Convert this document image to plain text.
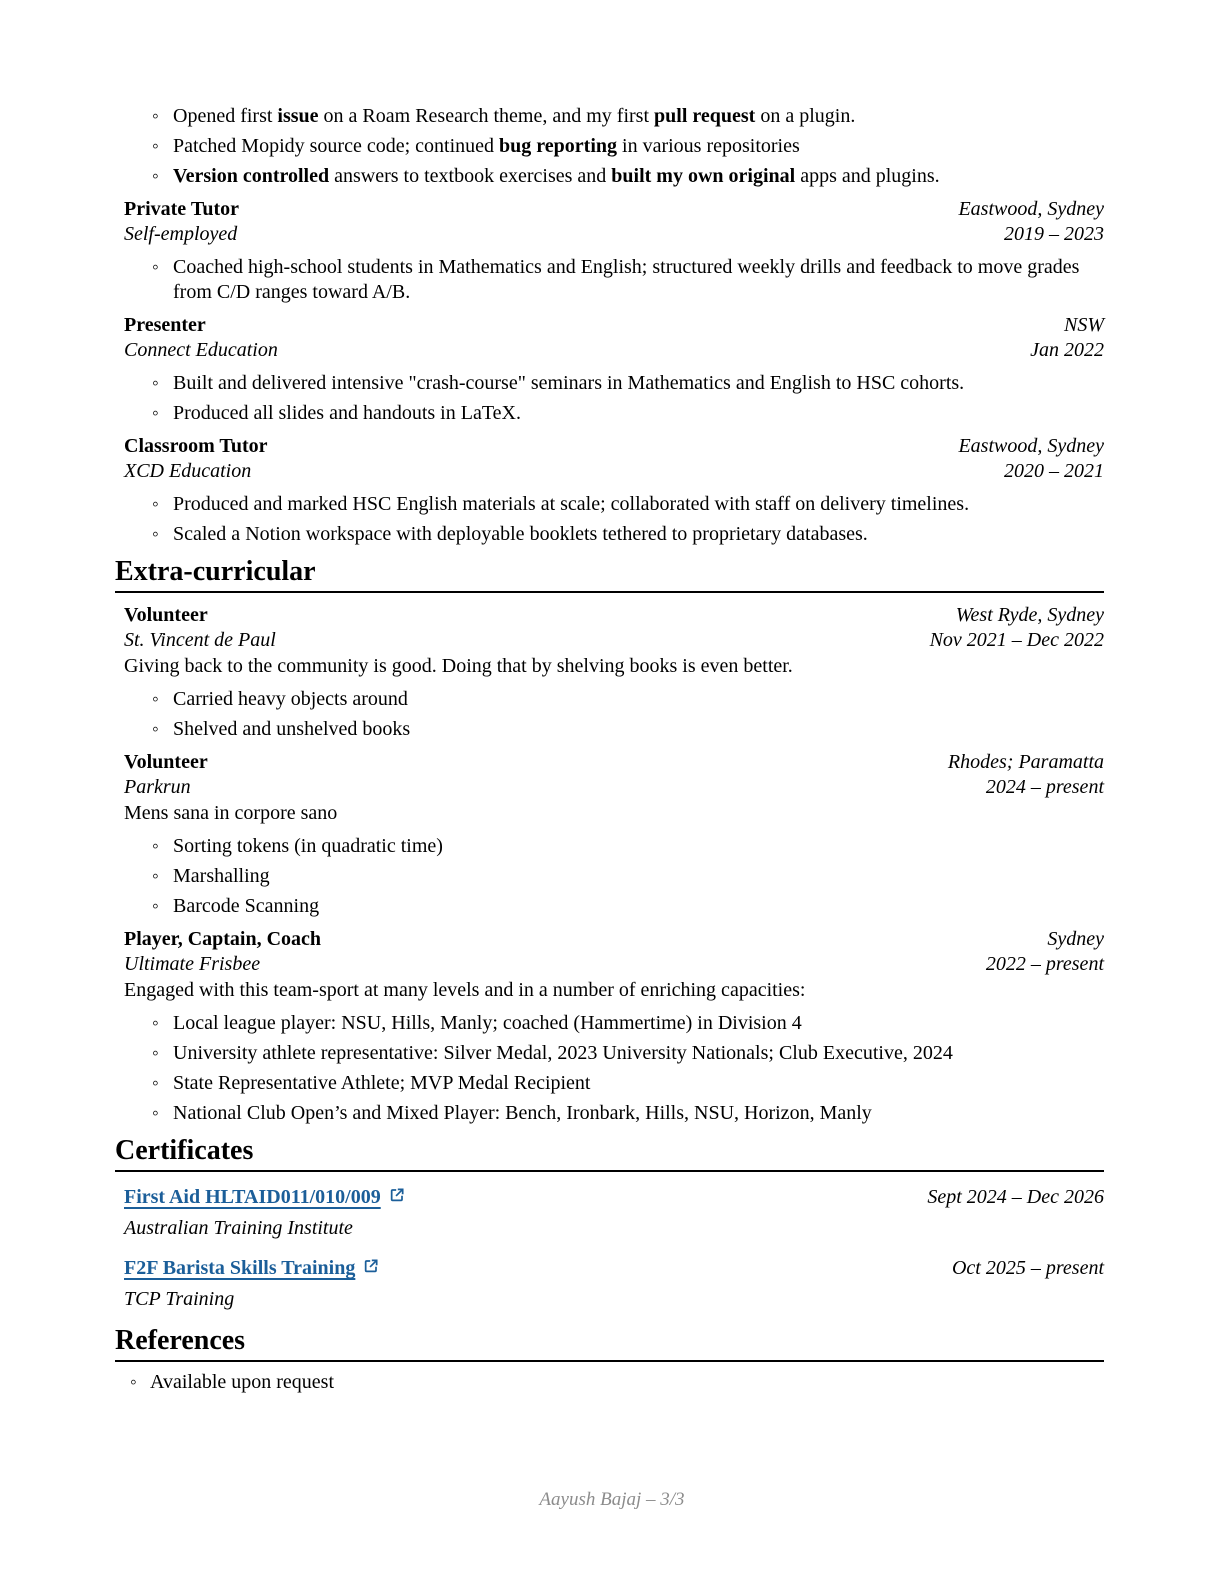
◦ Opened first issue on a Roam Research theme, and my first pull request on a plugin.
◦ Patched Mopidy source code; continued bug reporting in various repositories
◦ Version controlled answers to textbook exercises and built my own original apps and plugins.
Private Tutor	Eastwood, Sydney
Self-employed	2019 – 2023
◦ Coached high-school students in Mathematics and English; structured weekly drills and feedback to move grades from C/D ranges toward A/B.
Presenter	NSW
Connect Education	Jan 2022
◦ Built and delivered intensive "crash-course" seminars in Mathematics and English to HSC cohorts.
◦ Produced all slides and handouts in LaTeX.
Classroom Tutor	Eastwood, Sydney
XCD Education	2020 – 2021
◦ Produced and marked HSC English materials at scale; collaborated with staff on delivery timelines.
◦ Scaled a Notion workspace with deployable booklets tethered to proprietary databases.
Extra-curricular
Volunteer	West Ryde, Sydney
St. Vincent de Paul	Nov 2021 – Dec 2022
Giving back to the community is good. Doing that by shelving books is even better.
◦ Carried heavy objects around
◦ Shelved and unshelved books
Volunteer	Rhodes; Paramatta
Parkrun	2024 – present
Mens sana in corpore sano
◦ Sorting tokens (in quadratic time)
◦ Marshalling
◦ Barcode Scanning
Player, Captain, Coach	Sydney
Ultimate Frisbee	2022 – present
Engaged with this team-sport at many levels and in a number of enriching capacities:
◦ Local league player: NSU, Hills, Manly; coached (Hammertime) in Division 4
◦ University athlete representative: Silver Medal, 2023 University Nationals; Club Executive, 2024
◦ State Representative Athlete; MVP Medal Recipient
◦ National Club Open’s and Mixed Player: Bench, Ironbark, Hills, NSU, Horizon, Manly
Certificates
First Aid HLTAID011/010/009	Sept 2024 – Dec 2026
Australian Training Institute
F2F Barista Skills Training	Oct 2025 – present
TCP Training
References
◦ Available upon request
Aayush Bajaj – 3/3
